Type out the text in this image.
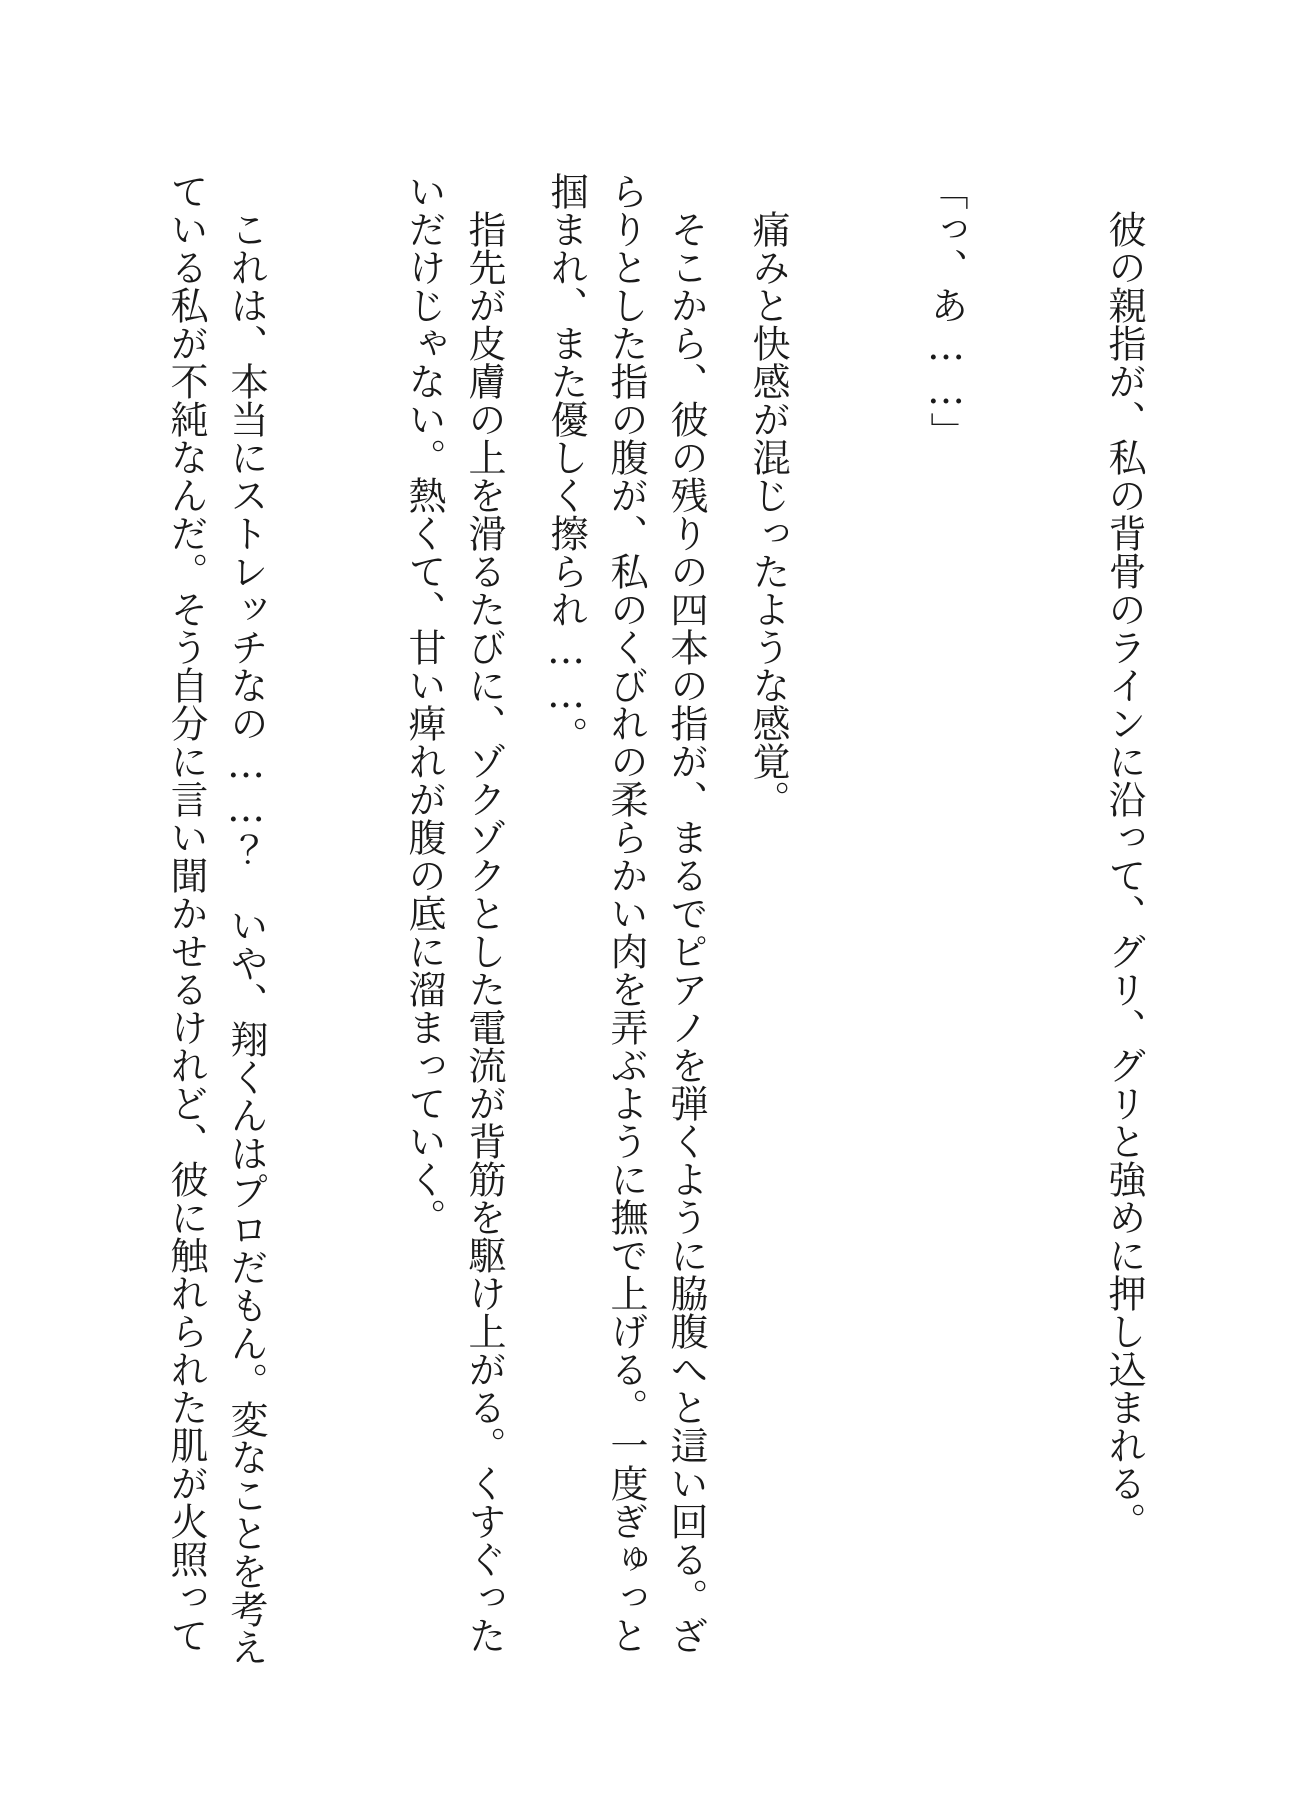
彼の親指が、私の背骨のラインに沿って、グリ、グリと強めに押し込まれる。

「っ、あ……」

痛みと快感が混じったような感覚。

そこから、彼の残りの四本の指が、まるでピアノを弾くように脇腹へと這い回る。ざらりとした指の腹が、私のくびれの柔らかい肉を弄ぶように撫で上げる。一度ぎゅっと掴まれ、また優しく擦られ……。

指先が皮膚の上を滑るたびに、ゾクゾクとした電流が背筋を駆け上がる。くすぐったいだけじゃない。熱くて、甘い痺れが腹の底に溜まっていく。

これは、本当にストレッチなの……？　いや、翔くんはプロだもん。変なことを考えている私が不純なんだ。そう自分に言い聞かせるけれど、彼に触れられた肌が火照って
